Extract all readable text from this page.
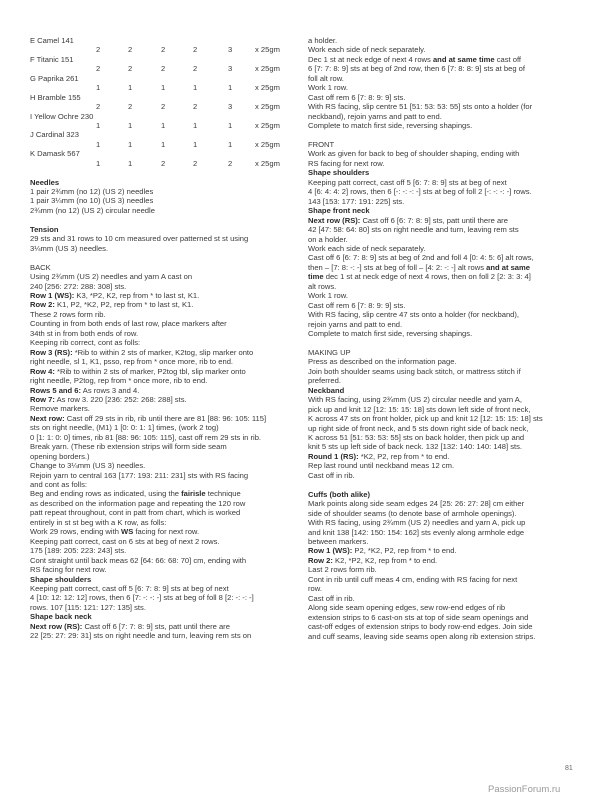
E Camel 141
2	2	2	2	3	x 25gm
F Titanic 151
2	2	2	2	3	x 25gm
G Paprika 261
1	1	1	1	1	x 25gm
H Bramble 155
2	2	2	2	3	x 25gm
I Yellow Ochre 230
1	1	1	1	1	x 25gm
J Cardinal 323
1	1	1	1	1	x 25gm
K Damask 567
1	1	2	2	2	x 25gm
Needles
1 pair 2¾mm (no 12) (US 2) needles
1 pair 3¼mm (no 10) (US 3) needles
2¾mm (no 12) (US 2) circular needle
Tension
29 sts and 31 rows to 10 cm measured over patterned st st using
3¼mm (US 3) needles.
BACK
Using 2¾mm (US 2) needles and yarn A cast on
240 [256: 272: 288: 308] sts.

Row 1 (WS): K3, *P2, K2, rep from * to last st, K1.

Row 2: K1, P2, *K2, P2, rep from * to last st, K1.

These 2 rows form rib.
Counting in from both ends of last row, place markers after
34th st in from both ends of row.
Keeping rib correct, cont as folls:

Row 3 (RS): *Rib to within 2 sts of marker, K2tog, slip marker onto

right needle, sl 1, K1, psso, rep from * once more, rib to end.

Row 4: *Rib to within 2 sts of marker, P2tog tbl, slip marker onto

right needle, P2tog, rep from * once more, rib to end.

Rows 5 and 6: As rows 3 and 4.

Row 7: As row 3. 220 [236: 252: 268: 288] sts.

Remove markers.

Next row: Cast off 29 sts in rib, rib until there are 81 [88: 96: 105: 115]

sts on right needle, (M1) 1 [0: 0: 1: 1] times, (work 2 tog)
0 [1: 1: 0: 0] times, rib 81 [88: 96: 105: 115], cast off rem 29 sts in rib.
Break yarn. (These rib extension strips will form side seam
opening borders.)
Change to 3¼mm (US 3) needles.
Rejoin yarn to central 163 [177: 193: 211: 231] sts with RS facing
and cont as folls:

Beg and ending rows as indicated, using the fairisle technique

as described on the information page and repeating the 120 row
patt repeat throughout, cont in patt from chart, which is worked
entirely in st st beg with a K row, as folls:

Work 29 rows, ending with WS facing for next row.

Keeping patt correct, cast on 6 sts at beg of next 2 rows.
175 [189: 205: 223: 243] sts.
Cont straight until back meas 62 [64: 66: 68: 70] cm, ending with
RS facing for next row.
Shape shoulders
Keeping patt correct, cast off 5 [6: 7: 8: 9] sts at beg of next
4 [10: 12: 12: 12] rows, then 6 [7: -: -: -] sts at beg of foll 8 [2: -: -: -]
rows. 107 [115: 121: 127: 135] sts.
Shape back neck

Next row (RS): Cast off 6 [7: 7: 8: 9] sts, patt until there are

22 [25: 27: 29: 31] sts on right needle and turn, leaving rem sts on
a holder.
Work each side of neck separately.

Dec 1 st at neck edge of next 4 rows and at same time cast off

6 [7: 7: 8: 9] sts at beg of 2nd row, then 6 [7: 8: 8: 9] sts at beg of
foll alt row.
Work 1 row.
Cast off rem 6 [7: 8: 9: 9] sts.
With RS facing, slip centre 51 [51: 53: 53: 55] sts onto a holder (for
neckband), rejoin yarns and patt to end.
Complete to match first side, reversing shapings.
FRONT
Work as given for back to beg of shoulder shaping, ending with
RS facing for next row.
Shape shoulders
Keeping patt correct, cast off 5 [6: 7: 8: 9] sts at beg of next
4 [6: 4: 4: 2] rows, then 6 [-: -: -: -] sts at beg of foll 2 [-: -: -: -] rows.
143 [153: 177: 191: 225] sts.
Shape front neck

Next row (RS): Cast off 6 [6: 7: 8: 9] sts, patt until there are

42 [47: 58: 64: 80] sts on right needle and turn, leaving rem sts
on a holder.
Work each side of neck separately.
Cast off 6 [6: 7: 8: 9] sts at beg of 2nd and foll 4 [0: 4: 5: 6] alt rows,

then – [7: 8: -: -] sts at beg of foll – [4: 2: -: -] alt rows and at same

time dec 1 st at neck edge of next 4 rows, then on foll 2 [2: 3: 3: 4]

alt rows.
Work 1 row.
Cast off rem 6 [7: 8: 9: 9] sts.
With RS facing, slip centre 47 sts onto a holder (for neckband),
rejoin yarns and patt to end.
Complete to match first side, reversing shapings.
MAKING UP
Press as described on the information page.
Join both shoulder seams using back stitch, or mattress stitch if
preferred.
Neckband
With RS facing, using 2¾mm (US 2) circular needle and yarn A,
pick up and knit 12 [12: 15: 15: 18] sts down left side of front neck,
K across 47 sts on front holder, pick up and knit 12 [12: 15: 15: 18] sts
up right side of front neck, and 5 sts down right side of back neck,
K across 51 [51: 53: 53: 55] sts on back holder, then pick up and
knit 5 sts up left side of back neck. 132 [132: 140: 140: 148] sts.

Round 1 (RS): *K2, P2, rep from * to end.

Rep last round until neckband meas 12 cm.
Cast off in rib.
Cuffs (both alike)
Mark points along side seam edges 24 [25: 26: 27: 28] cm either
side of shoulder seams (to denote base of armhole openings).
With RS facing, using 2¾mm (US 2) needles and yarn A, pick up
and knit 138 [142: 150: 154: 162] sts evenly along armhole edge
between markers.

Row 1 (WS): P2, *K2, P2, rep from * to end.

Row 2: K2, *P2, K2, rep from * to end.

Last 2 rows form rib.
Cont in rib until cuff meas 4 cm, ending with RS facing for next
row.
Cast off in rib.
Along side seam opening edges, sew row-end edges of rib
extension strips to 6 cast-on sts at top of side seam openings and
cast-off edges of extension strips to body row-end edges. Join side
and cuff seams, leaving side seams open along rib extension strips.
81
PassionForum.ru
